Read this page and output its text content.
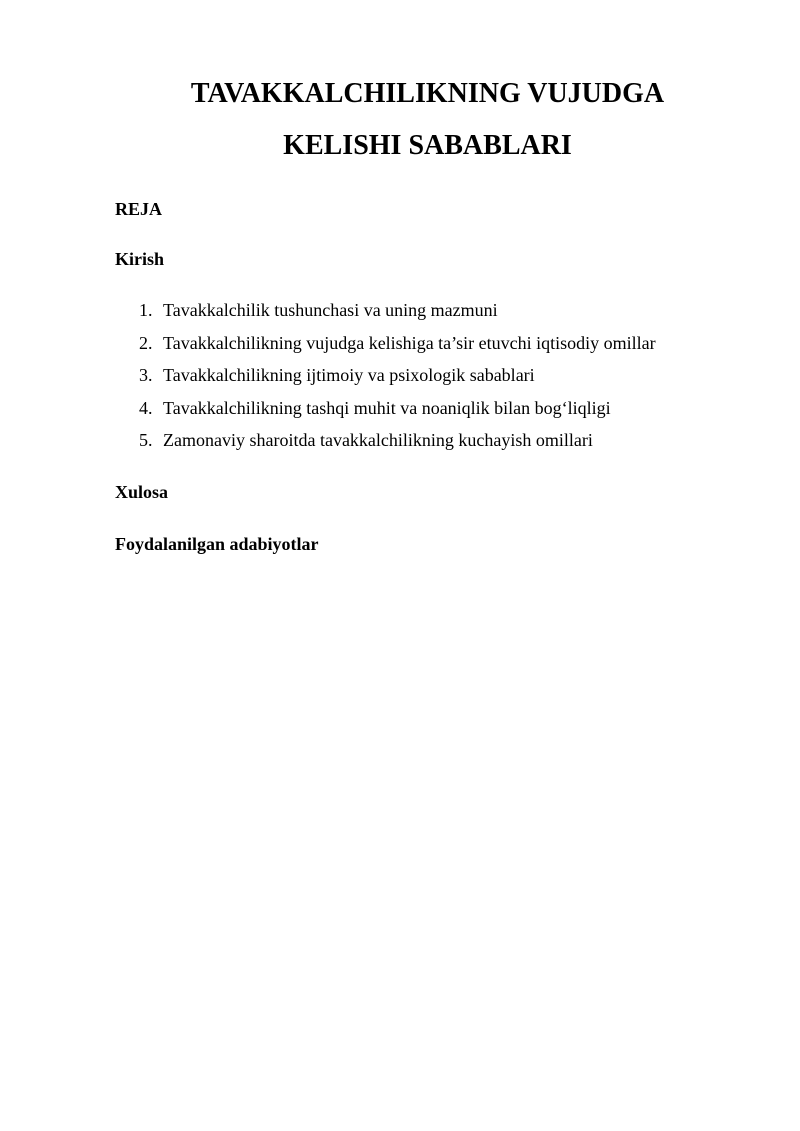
TAVAKKALCHILIKNING VUJUDGA
KELISHI SABABLARI

REJA

Kirish

1. Tavakkalchilik tushunchasi va uning mazmuni
2. Tavakkalchilikning vujudga kelishiga ta’sir etuvchi iqtisodiy omillar
3. Tavakkalchilikning ijtimoiy va psixologik sabablari
4. Tavakkalchilikning tashqi muhit va noaniqlik bilan bog‘liqligi
5. Zamonaviy sharoitda tavakkalchilikning kuchayish omillari

Xulosa

Foydalanilgan adabiyotlar
